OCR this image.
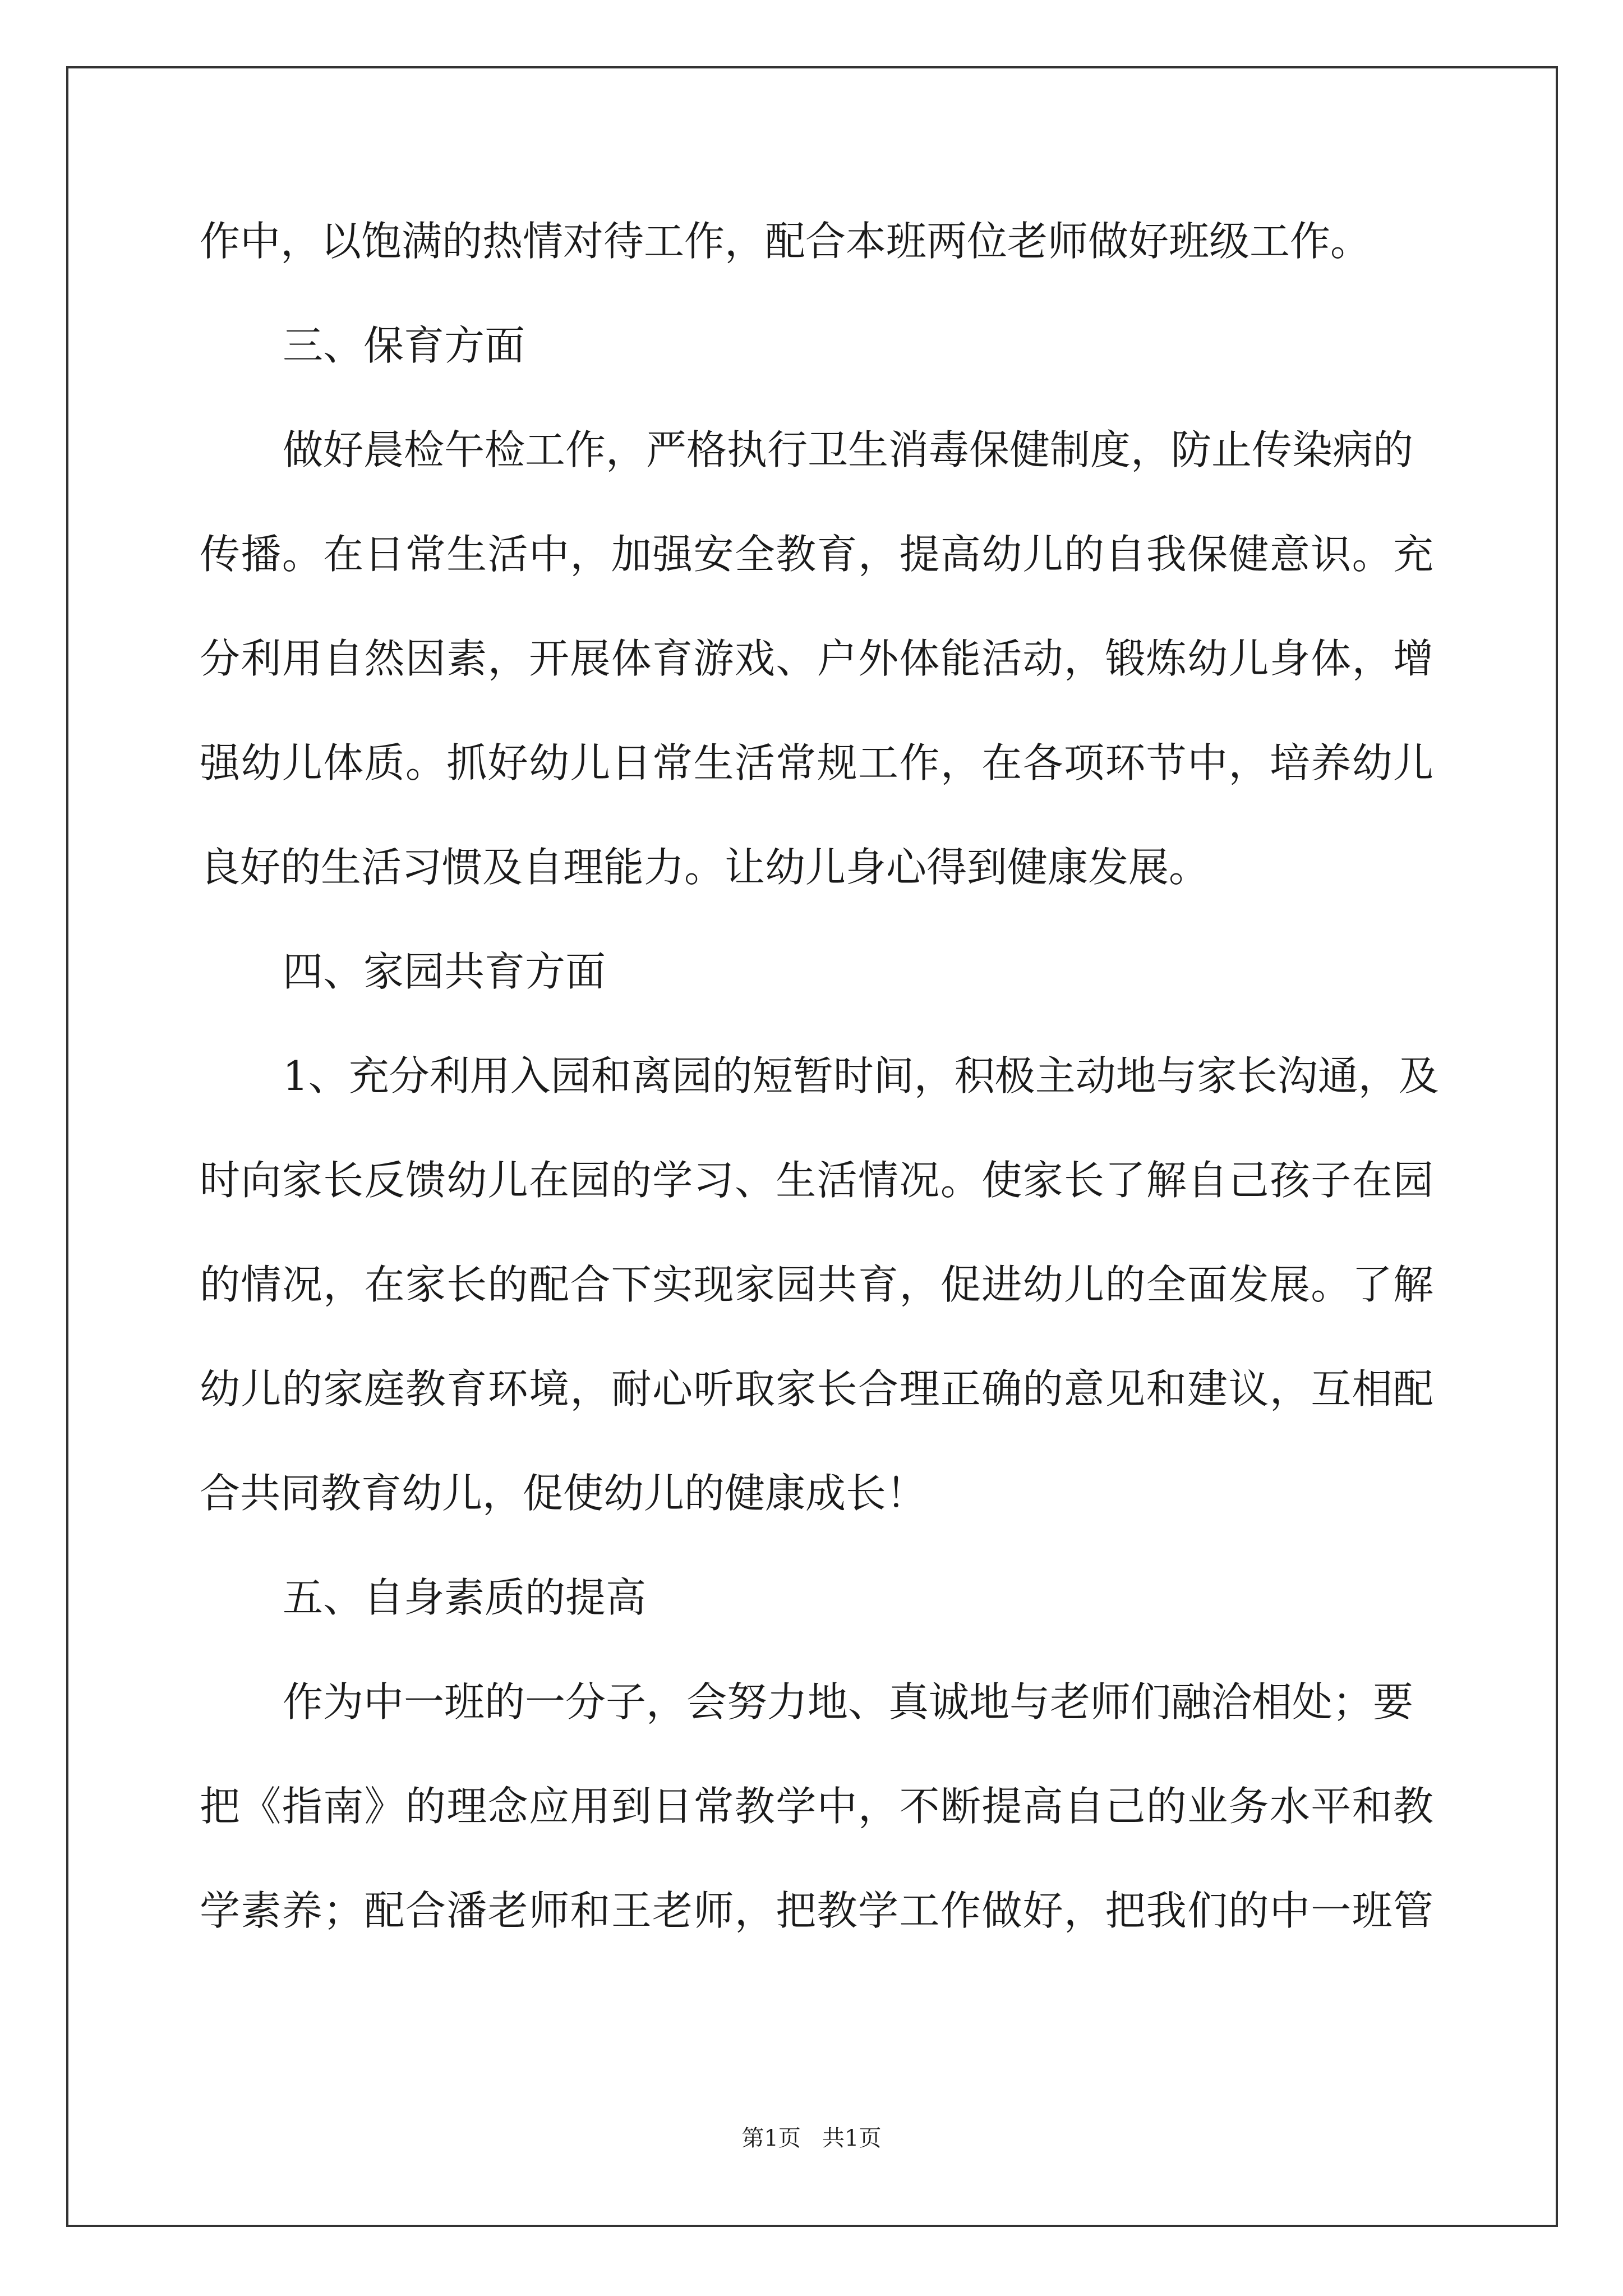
作中，以饱满的热情对待工作，配合本班两位老师做好班级工作。

三、保育方面

做好晨检午检工作，严格执行卫生消毒保健制度，防止传染病的

传播。在日常生活中，加强安全教育，提高幼儿的自我保健意识。充

分利用自然因素，开展体育游戏、户外体能活动，锻炼幼儿身体，增

强幼儿体质。抓好幼儿日常生活常规工作，在各项环节中，培养幼儿

良好的生活习惯及自理能力。让幼儿身心得到健康发展。

四、家园共育方面

1、充分利用入园和离园的短暂时间，积极主动地与家长沟通，及

时向家长反馈幼儿在园的学习、生活情况。使家长了解自己孩子在园

的情况，在家长的配合下实现家园共育，促进幼儿的全面发展。了解

幼儿的家庭教育环境，耐心听取家长合理正确的意见和建议，互相配

合共同教育幼儿，促使幼儿的健康成长！

五、自身素质的提高

作为中一班的一分子，会努力地、真诚地与老师们融洽相处；要

把《指南》的理念应用到日常教学中，不断提高自己的业务水平和教

学素养；配合潘老师和王老师，把教学工作做好，把我们的中一班管

第1页   共1页
